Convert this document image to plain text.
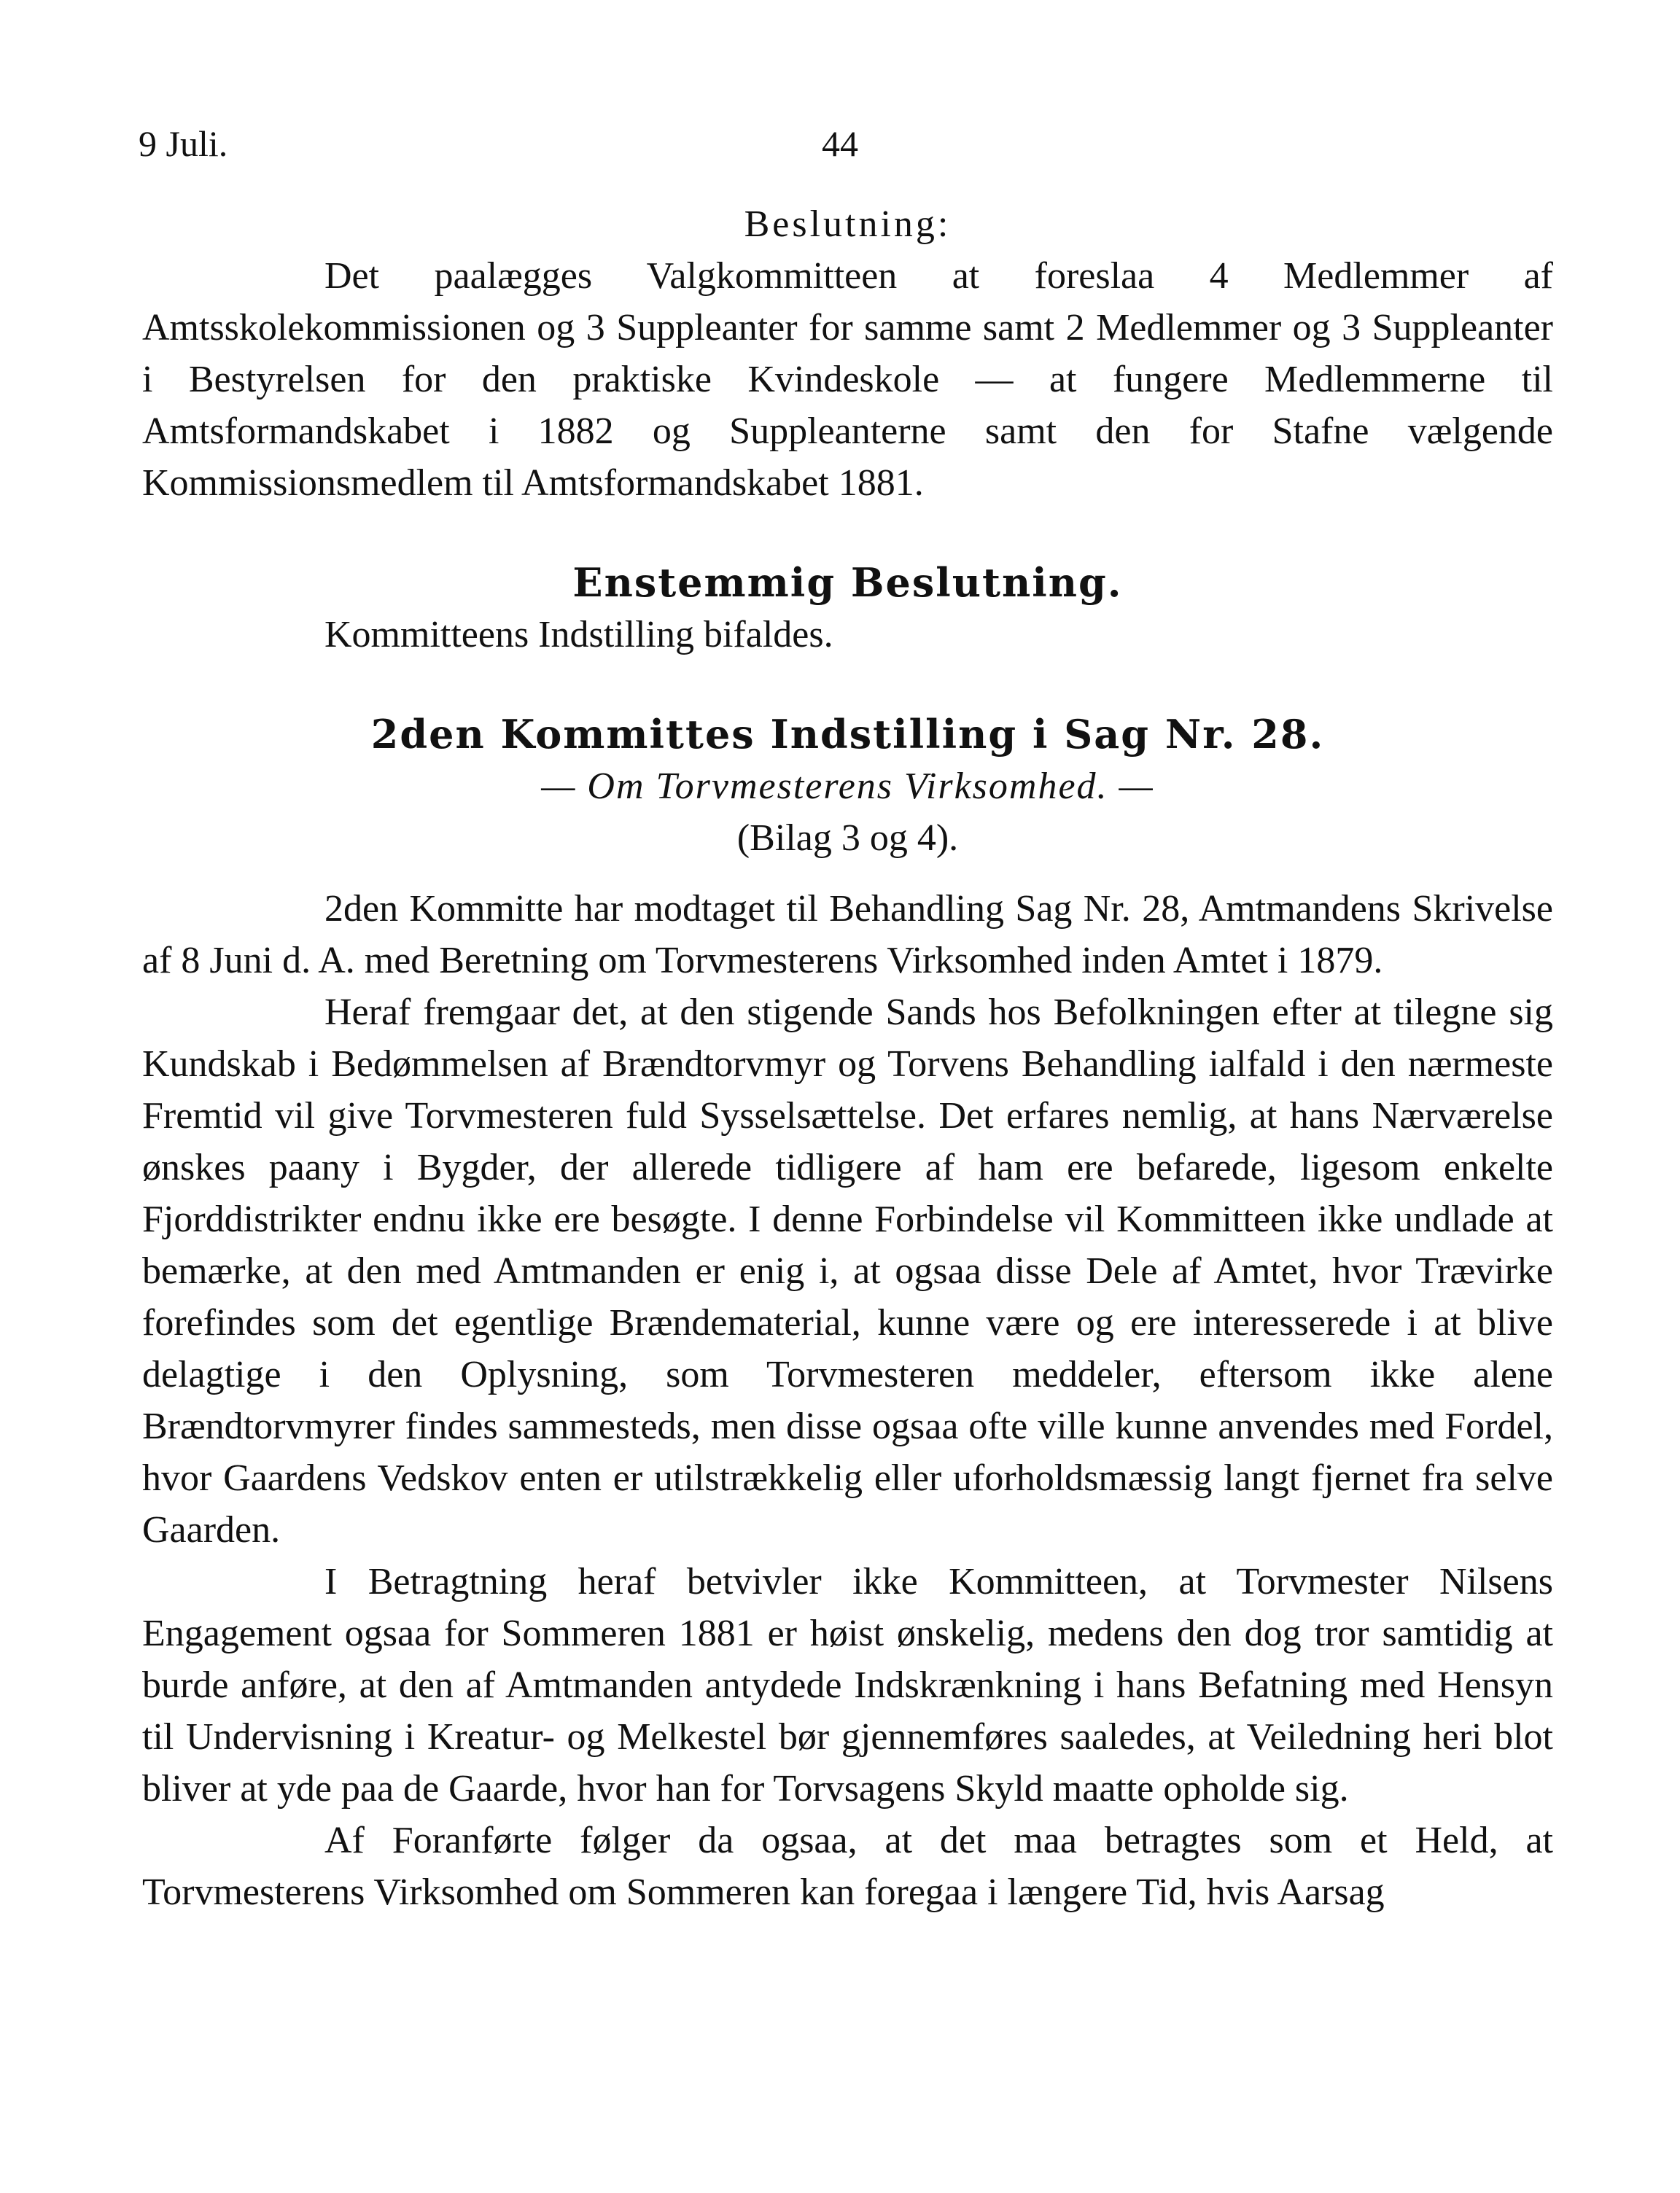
9 Juli.	44

Beslutning:

Det paalægges Valgkommitteen at foreslaa 4 Medlemmer af Amtsskolekommissionen og 3 Suppleanter for samme samt 2 Medlemmer og 3 Suppleanter i Bestyrelsen for den praktiske Kvindeskole — at fungere Medlemmerne til Amtsformandskabet i 1882 og Suppleanterne samt den for Stafne vælgende Kommissionsmedlem til Amtsformandskabet 1881.

Enstemmig Beslutning.

Kommitteens Indstilling bifaldes.

2den Kommittes Indstilling i Sag Nr. 28.

— Om Torvmesterens Virksomhed. —

(Bilag 3 og 4).

2den Kommitte har modtaget til Behandling Sag Nr. 28, Amtmandens Skrivelse af 8 Juni d. A. med Beretning om Torvmesterens Virksomhed inden Amtet i 1879.

Heraf fremgaar det, at den stigende Sands hos Befolkningen efter at tilegne sig Kundskab i Bedømmelsen af Brændtorvmyr og Torvens Behandling ialfald i den nærmeste Fremtid vil give Torvmesteren fuld Sysselsættelse. Det erfares nemlig, at hans Nærværelse ønskes paany i Bygder, der allerede tidligere af ham ere befarede, ligesom enkelte Fjorddistrikter endnu ikke ere besøgte. I denne Forbindelse vil Kommitteen ikke undlade at bemærke, at den med Amtmanden er enig i, at ogsaa disse Dele af Amtet, hvor Trævirke forefindes som det egentlige Brændematerial, kunne være og ere interesserede i at blive delagtige i den Oplysning, som Torvmesteren meddeler, eftersom ikke alene Brændtorvmyrer findes sammesteds, men disse ogsaa ofte ville kunne anvendes med Fordel, hvor Gaardens Vedskov enten er utilstrækkelig eller uforholdsmæssig langt fjernet fra selve Gaarden.

I Betragtning heraf betvivler ikke Kommitteen, at Torvmester Nilsens Engagement ogsaa for Sommeren 1881 er høist ønskelig, medens den dog tror samtidig at burde anføre, at den af Amtmanden antydede Indskrænkning i hans Befatning med Hensyn til Undervisning i Kreatur- og Melkestel bør gjennemføres saaledes, at Veiledning heri blot bliver at yde paa de Gaarde, hvor han for Torvsagens Skyld maatte opholde sig.

Af Foranførte følger da ogsaa, at det maa betragtes som et Held, at Torvmesterens Virksomhed om Sommeren kan foregaa i længere Tid, hvis Aarsag
